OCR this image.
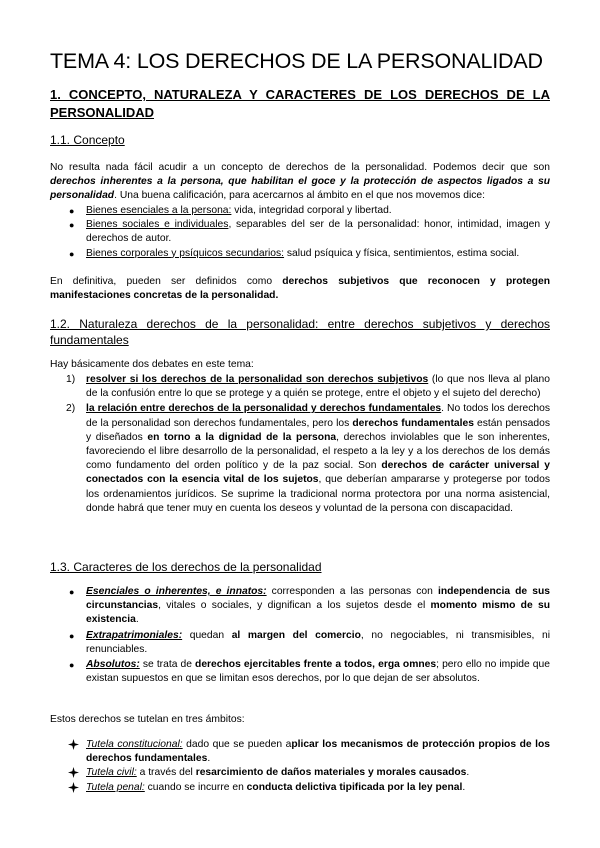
TEMA 4: LOS DERECHOS DE LA PERSONALIDAD
1. CONCEPTO, NATURALEZA Y CARACTERES DE LOS DERECHOS DE LA PERSONALIDAD
1.1. Concepto
No resulta nada fácil acudir a un concepto de derechos de la personalidad. Podemos decir que son derechos inherentes a la persona, que habilitan el goce y la protección de aspectos ligados a su personalidad. Una buena calificación, para acercarnos al ámbito en el que nos movemos dice:
● Bienes esenciales a la persona: vida, integridad corporal y libertad.
● Bienes sociales e individuales, separables del ser de la personalidad: honor, intimidad, imagen y derechos de autor.
● Bienes corporales y psíquicos secundarios: salud psíquica y física, sentimientos, estima social.
En definitiva, pueden ser definidos como derechos subjetivos que reconocen y protegen manifestaciones concretas de la personalidad.
1.2. Naturaleza derechos de la personalidad: entre derechos subjetivos y derechos fundamentales
Hay básicamente dos debates en este tema:
1) resolver si los derechos de la personalidad son derechos subjetivos (lo que nos lleva al plano de la confusión entre lo que se protege y a quién se protege, entre el objeto y el sujeto del derecho)
2) la relación entre derechos de la personalidad y derechos fundamentales. No todos los derechos de la personalidad son derechos fundamentales, pero los derechos fundamentales están pensados y diseñados en torno a la dignidad de la persona, derechos inviolables que le son inherentes, favoreciendo el libre desarrollo de la personalidad, el respeto a la ley y a los derechos de los demás como fundamento del orden político y de la paz social. Son derechos de carácter universal y conectados con la esencia vital de los sujetos, que deberían ampararse y protegerse por todos los ordenamientos jurídicos. Se suprime la tradicional norma protectora por una norma asistencial, donde habrá que tener muy en cuenta los deseos y voluntad de la persona con discapacidad.
1.3. Caracteres de los derechos de la personalidad
● Esenciales o inherentes, e innatos: corresponden a las personas con independencia de sus circunstancias, vitales o sociales, y dignifican a los sujetos desde el momento mismo de su existencia.
● Extrapatrimoniales: quedan al margen del comercio, no negociables, ni transmisibles, ni renunciables.
● Absolutos: se trata de derechos ejercitables frente a todos, erga omnes; pero ello no impide que existan supuestos en que se limitan esos derechos, por lo que dejan de ser absolutos.
Estos derechos se tutelan en tres ámbitos:
Tutela constitucional: dado que se pueden aplicar los mecanismos de protección propios de los derechos fundamentales.
Tutela civil: a través del resarcimiento de daños materiales y morales causados.
Tutela penal: cuando se incurre en conducta delictiva tipificada por la ley penal.
